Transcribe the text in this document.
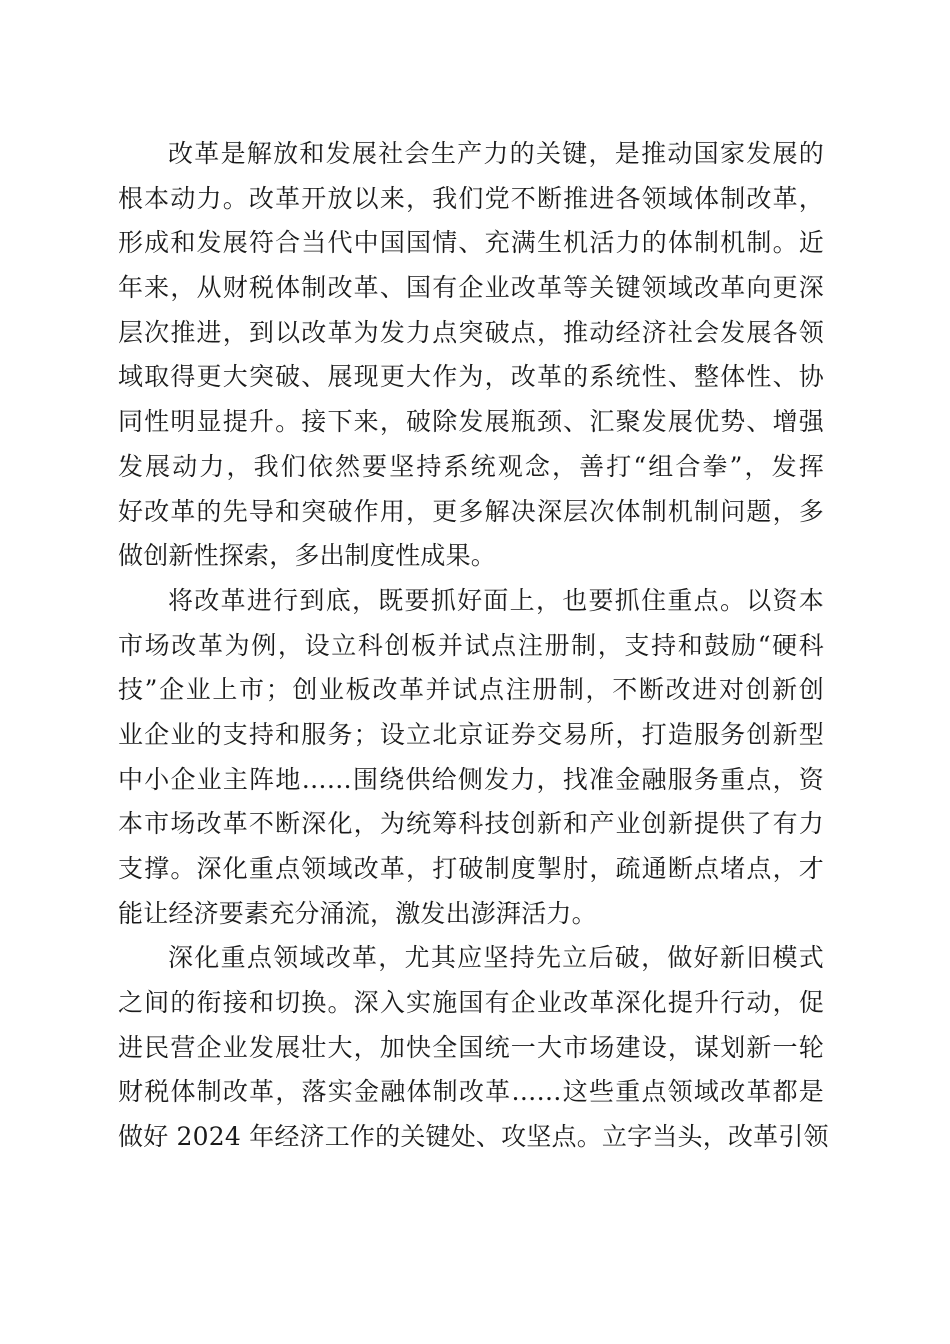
改革是解放和发展社会生产力的关键，是推动国家发展的
根本动力。改革开放以来，我们党不断推进各领域体制改革，
形成和发展符合当代中国国情、充满生机活力的体制机制。近
年来，从财税体制改革、国有企业改革等关键领域改革向更深
层次推进，到以改革为发力点突破点，推动经济社会发展各领
域取得更大突破、展现更大作为，改革的系统性、整体性、协
同性明显提升。接下来，破除发展瓶颈、汇聚发展优势、增强
发展动力，我们依然要坚持系统观念，善打“组合拳”，发挥
好改革的先导和突破作用，更多解决深层次体制机制问题，多
做创新性探索，多出制度性成果。
将改革进行到底，既要抓好面上，也要抓住重点。以资本
市场改革为例，设立科创板并试点注册制，支持和鼓励“硬科
技”企业上市；创业板改革并试点注册制，不断改进对创新创
业企业的支持和服务；设立北京证券交易所，打造服务创新型
中小企业主阵地……围绕供给侧发力，找准金融服务重点，资
本市场改革不断深化，为统筹科技创新和产业创新提供了有力
支撑。深化重点领域改革，打破制度掣肘，疏通断点堵点，才
能让经济要素充分涌流，激发出澎湃活力。
深化重点领域改革，尤其应坚持先立后破，做好新旧模式
之间的衔接和切换。深入实施国有企业改革深化提升行动，促
进民营企业发展壮大，加快全国统一大市场建设，谋划新一轮
财税体制改革，落实金融体制改革……这些重点领域改革都是
做好 2024 年经济工作的关键处、攻坚点。立字当头，改革引领
